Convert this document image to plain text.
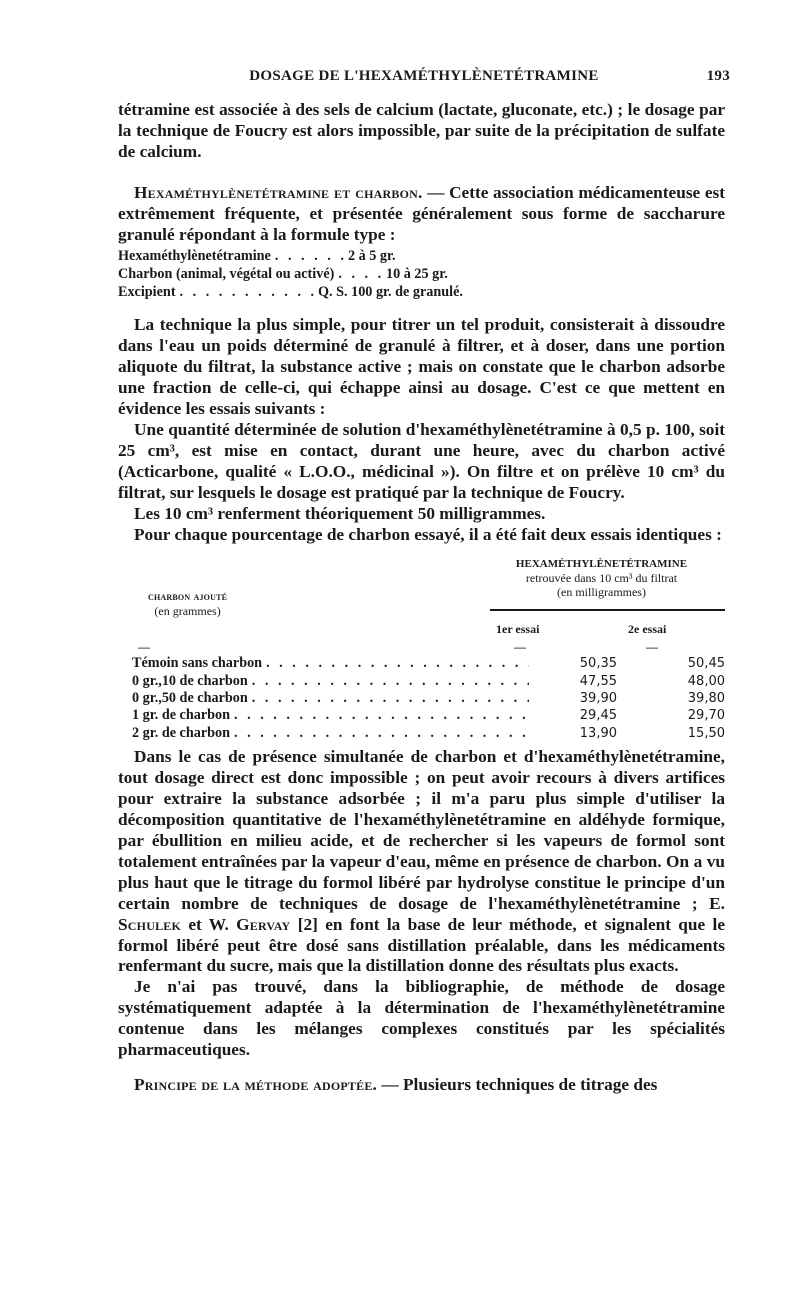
DOSAGE DE L'HEXAMÉTHYLÈNETÉTRAMINE	193

tétramine est associée à des sels de calcium (lactate, gluconate, etc.) ; le dosage par la technique de Foucry est alors impossible, par suite de la précipitation de sulfate de calcium.

Hexaméthylènetétramine et charbon. — Cette association médicamenteuse est extrêmement fréquente, et présentée généralement sous forme de saccharure granulé répondant à la formule type :

Hexaméthylènetétramine . . .	2 à 5 gr.
Charbon (animal, végétal ou activé) . . .	10 à 25 gr.
Excipient . . .	Q. S. 100 gr. de granulé.

La technique la plus simple, pour titrer un tel produit, consisterait à dissoudre dans l'eau un poids déterminé de granulé à filtrer, et à doser, dans une portion aliquote du filtrat, la substance active ; mais on constate que le charbon adsorbe une fraction de celle-ci, qui échappe ainsi au dosage. C'est ce que mettent en évidence les essais suivants :

Une quantité déterminée de solution d'hexaméthylènetétramine à 0,5 p. 100, soit 25 cm³, est mise en contact, durant une heure, avec du charbon activé (Acticarbone, qualité « L.O.O., médicinal »). On filtre et on prélève 10 cm³ du filtrat, sur lesquels le dosage est pratiqué par la technique de Foucry.

Les 10 cm³ renferment théoriquement 50 milligrammes.

Pour chaque pourcentage de charbon essayé, il a été fait deux essais identiques :

charbon ajouté
(en grammes)
HEXAMÉTHYLÈNETÉTRAMINE
retrouvée dans 10 cm³ du filtrat
(en milligrammes)
1er essai	2e essai
—	—	—
Témoin sans charbon . . .	50,35	50,45
0 gr.,10 de charbon . . .	47,55	48,00
0 gr.,50 de charbon . . .	39,90	39,80
1 gr. de charbon . . .	29,45	29,70
2 gr. de charbon . . .	13,90	15,50

Dans le cas de présence simultanée de charbon et d'hexaméthylènetétramine, tout dosage direct est donc impossible ; on peut avoir recours à divers artifices pour extraire la substance adsorbée ; il m'a paru plus simple d'utiliser la décomposition quantitative de l'hexaméthylènetétramine en aldéhyde formique, par ébullition en milieu acide, et de rechercher si les vapeurs de formol sont totalement entraînées par la vapeur d'eau, même en présence de charbon. On a vu plus haut que le titrage du formol libéré par hydrolyse constitue le principe d'un certain nombre de techniques de dosage de l'hexaméthylènetétramine ; E. Schulek et W. Gervay [2] en font la base de leur méthode, et signalent que le formol libéré peut être dosé sans distillation préalable, dans les médicaments renfermant du sucre, mais que la distillation donne des résultats plus exacts.

Je n'ai pas trouvé, dans la bibliographie, de méthode de dosage systématiquement adaptée à la détermination de l'hexaméthylènetétramine contenue dans les mélanges complexes constitués par les spécialités pharmaceutiques.

Principe de la méthode adoptée. — Plusieurs techniques de titrage des
